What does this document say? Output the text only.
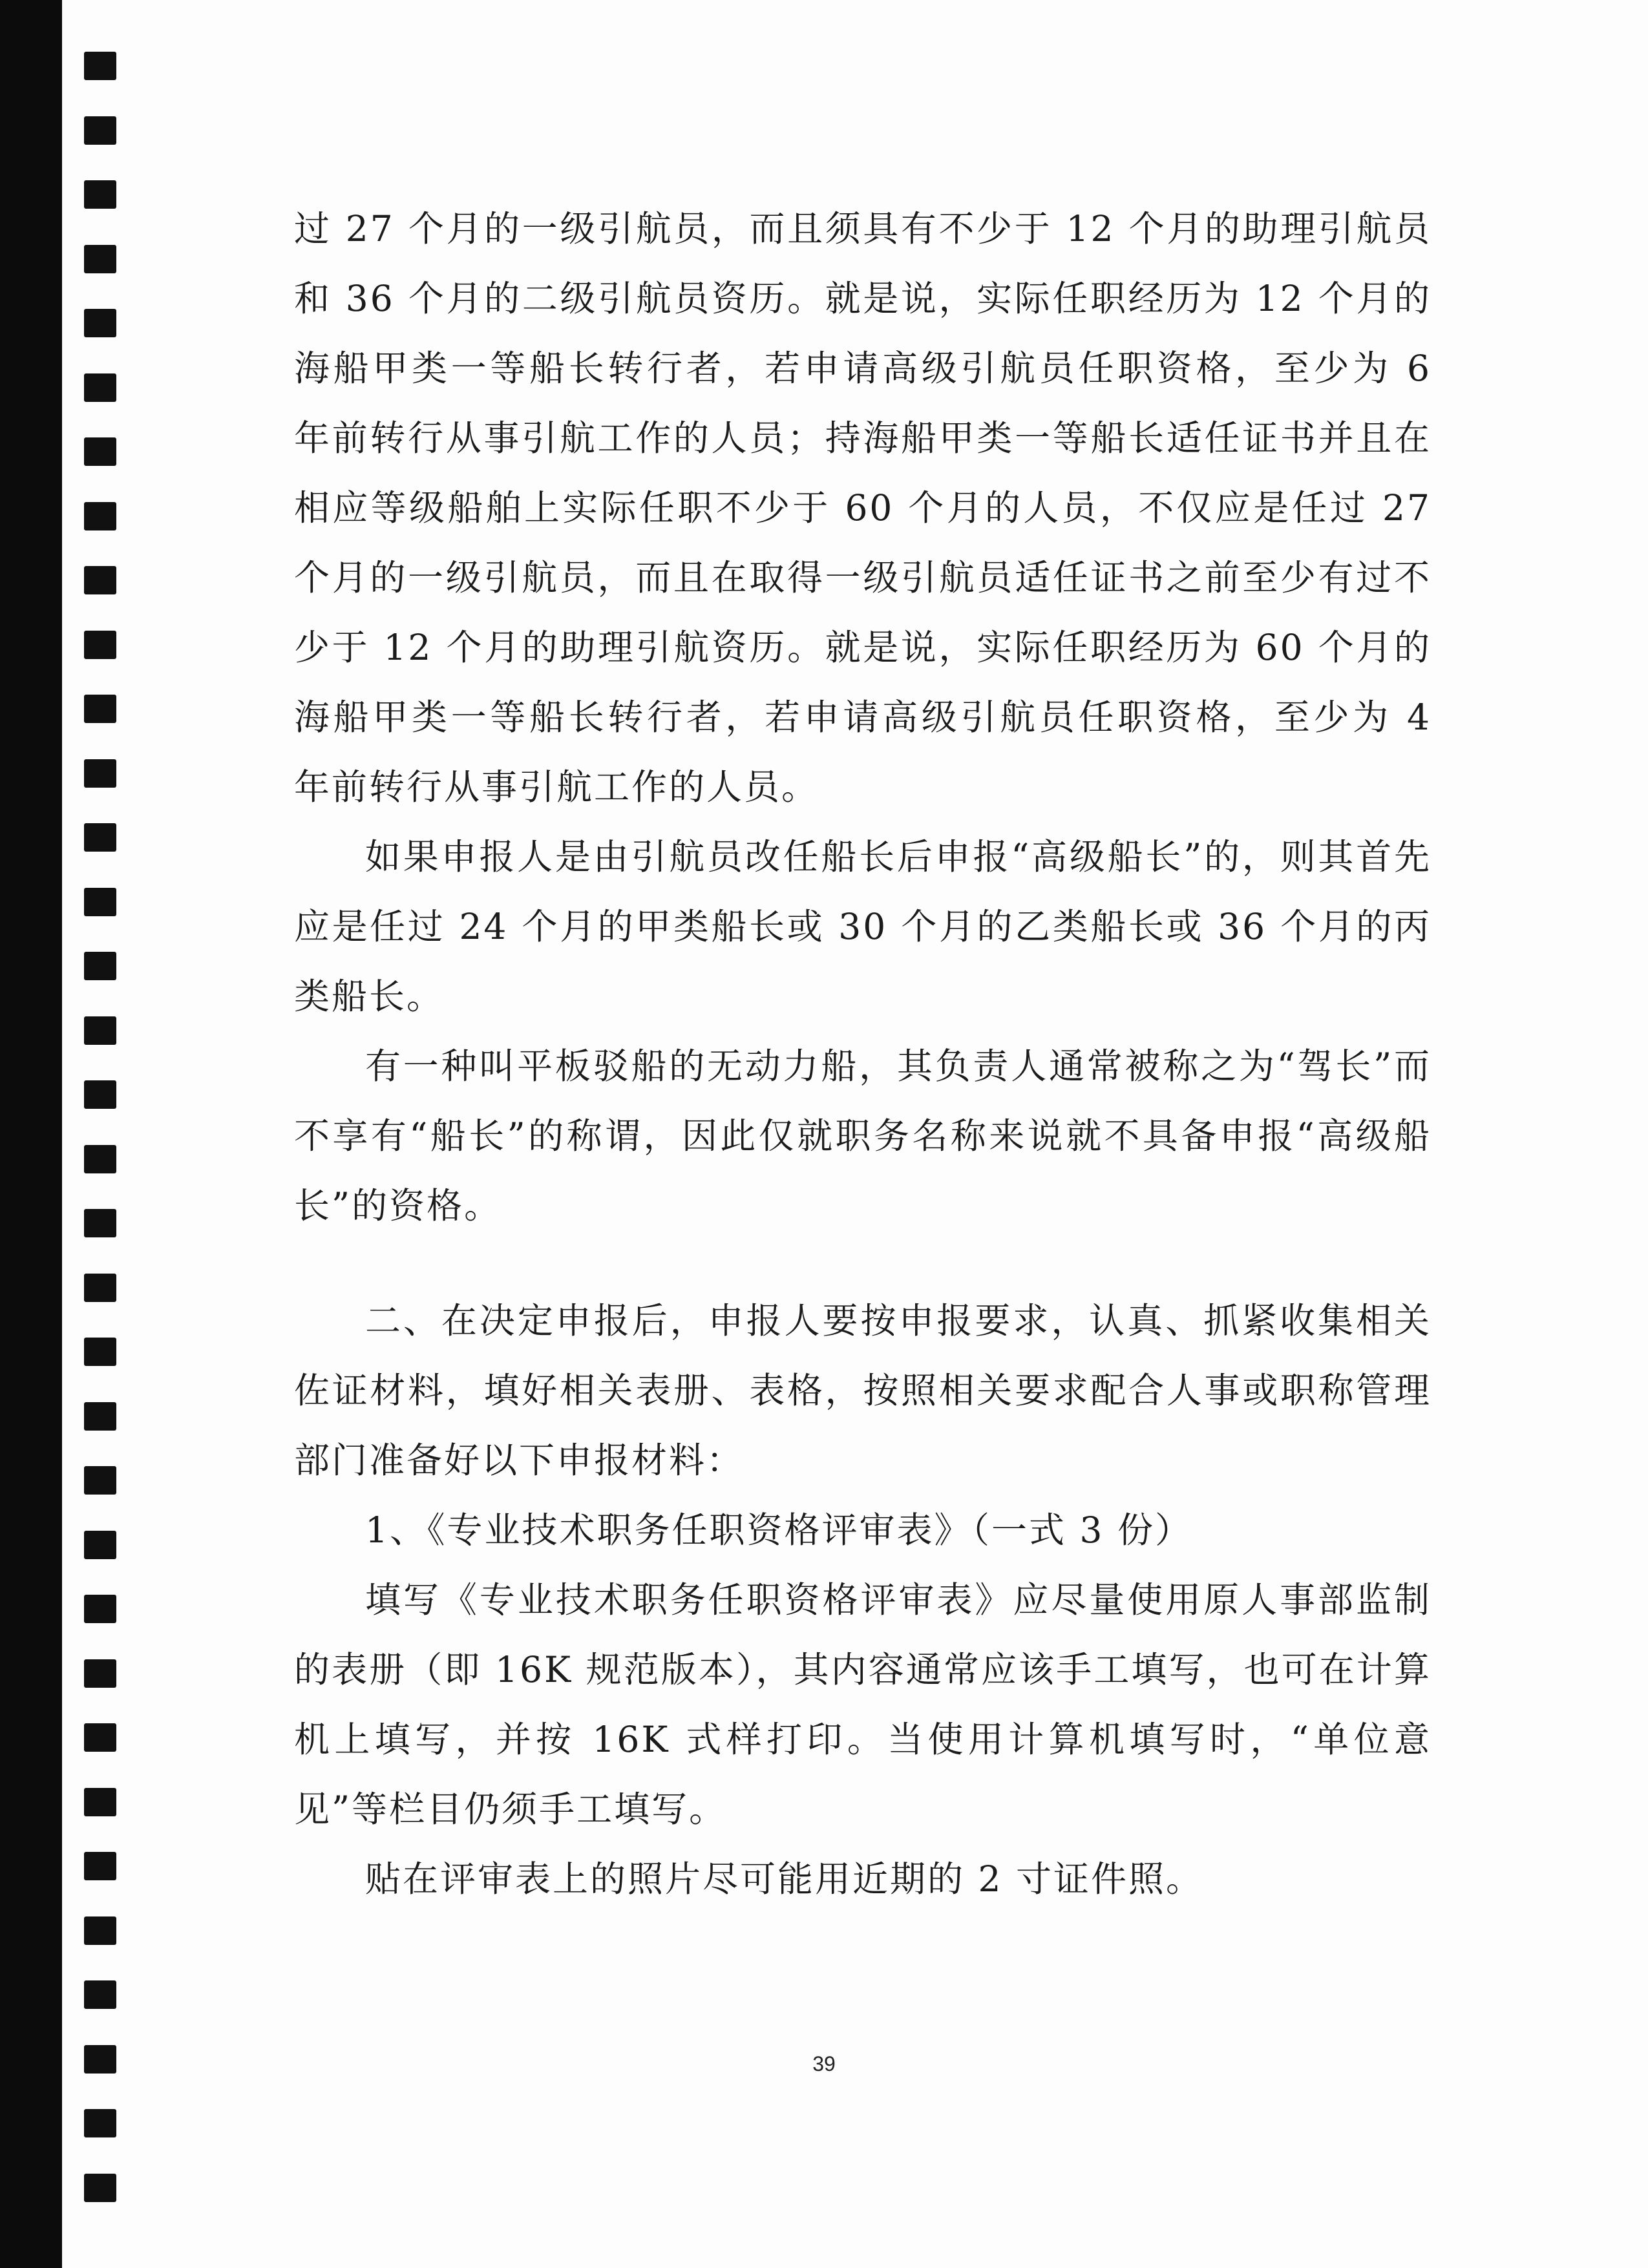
过 27 个月的一级引航员，而且须具有不少于 12 个月的助理引航员和 36 个月的二级引航员资历。就是说，实际任职经历为 12 个月的海船甲类一等船长转行者，若申请高级引航员任职资格，至少为 6 年前转行从事引航工作的人员；持海船甲类一等船长适任证书并且在相应等级船舶上实际任职不少于 60 个月的人员，不仅应是任过 27 个月的一级引航员，而且在取得一级引航员适任证书之前至少有过不少于 12 个月的助理引航资历。就是说，实际任职经历为 60 个月的海船甲类一等船长转行者，若申请高级引航员任职资格，至少为 4 年前转行从事引航工作的人员。

如果申报人是由引航员改任船长后申报“高级船长”的，则其首先应是任过 24 个月的甲类船长或 30 个月的乙类船长或 36 个月的丙类船长。

有一种叫平板驳船的无动力船，其负责人通常被称之为“驾长”而不享有“船长”的称谓，因此仅就职务名称来说就不具备申报“高级船长”的资格。

二、在决定申报后，申报人要按申报要求，认真、抓紧收集相关佐证材料，填好相关表册、表格，按照相关要求配合人事或职称管理部门准备好以下申报材料：

1、《专业技术职务任职资格评审表》（一式 3 份）

填写《专业技术职务任职资格评审表》应尽量使用原人事部监制的表册（即 16K 规范版本），其内容通常应该手工填写，也可在计算机上填写，并按 16K 式样打印。当使用计算机填写时，“单位意见”等栏目仍须手工填写。

贴在评审表上的照片尽可能用近期的 2 寸证件照。

39
